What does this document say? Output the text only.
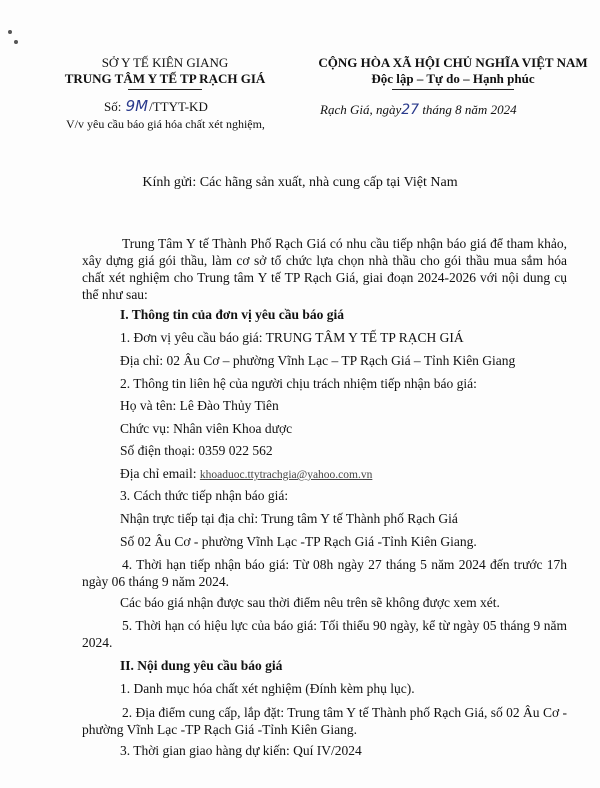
SỞ Y TẾ KIÊN GIANG
TRUNG TÂM Y TẾ TP RẠCH GIÁ
Số: 9M/TTYT-KD
V/v yêu cầu báo giá hóa chất xét nghiệm,
CỘNG HÒA XÃ HỘI CHỦ NGHĨA VIỆT NAM
Độc lập – Tự do – Hạnh phúc
Rạch Giá, ngày27 tháng 8 năm 2024
Kính gửi: Các hãng sản xuất, nhà cung cấp tại Việt Nam
Trung Tâm Y tế Thành Phố Rạch Giá có nhu cầu tiếp nhận báo giá để tham khảo, xây dựng giá gói thầu, làm cơ sở tổ chức lựa chọn nhà thầu cho gói thầu mua sắm hóa chất xét nghiệm cho Trung tâm Y tế TP Rạch Giá, giai đoạn 2024-2026 với nội dung cụ thể như sau:
I. Thông tin của đơn vị yêu cầu báo giá
1. Đơn vị yêu cầu báo giá: TRUNG TÂM Y TẾ TP RẠCH GIÁ
Địa chỉ: 02 Âu Cơ – phường Vĩnh Lạc – TP Rạch Giá – Tỉnh Kiên Giang
2. Thông tin liên hệ của người chịu trách nhiệm tiếp nhận báo giá:
Họ và tên: Lê Đào Thủy Tiên
Chức vụ: Nhân viên Khoa dược
Số điện thoại: 0359 022 562
Địa chỉ email: khoaduoc.ttytrachgia@yahoo.com.vn
3. Cách thức tiếp nhận báo giá:
Nhận trực tiếp tại địa chỉ: Trung tâm Y tế Thành phố Rạch Giá
Số 02 Âu Cơ - phường Vĩnh Lạc -TP Rạch Giá -Tỉnh Kiên Giang.
4. Thời hạn tiếp nhận báo giá: Từ 08h ngày 27 tháng 5 năm 2024 đến trước 17h ngày 06 tháng 9 năm 2024.
Các báo giá nhận được sau thời điểm nêu trên sẽ không được xem xét.
5. Thời hạn có hiệu lực của báo giá: Tối thiểu 90 ngày, kể từ ngày 05 tháng 9 năm 2024.
II. Nội dung yêu cầu báo giá
1. Danh mục hóa chất xét nghiệm (Đính kèm phụ lục).
2. Địa điểm cung cấp, lắp đặt: Trung tâm Y tế Thành phố Rạch Giá, số 02 Âu Cơ - phường Vĩnh Lạc -TP Rạch Giá -Tỉnh Kiên Giang.
3. Thời gian giao hàng dự kiến: Quí IV/2024
